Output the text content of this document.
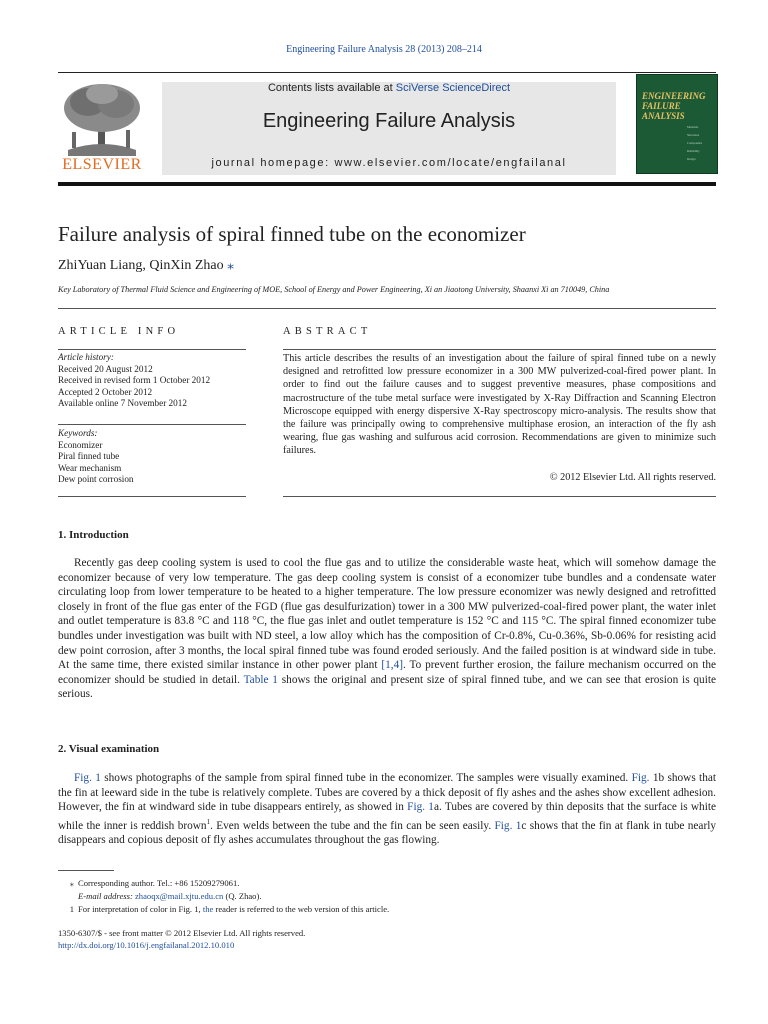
Engineering Failure Analysis 28 (2013) 208–214
ELSEVIER
Contents lists available at SciVerse ScienceDirect
Engineering Failure Analysis
journal homepage: www.elsevier.com/locate/engfailanal
ENGINEERING
FAILURE
ANALYSIS
Materials
Structures
Components
Reliability
Design
Failure analysis of spiral finned tube on the economizer
ZhiYuan Liang, QinXin Zhao ⁎
Key Laboratory of Thermal Fluid Science and Engineering of MOE, School of Energy and Power Engineering, Xi an Jiaotong University, Shaanxi Xi an 710049, China
ARTICLE INFO	ABSTRACT
Article history:
Received 20 August 2012
Received in revised form 1 October 2012
Accepted 2 October 2012
Available online 7 November 2012
Keywords:
Economizer
Piral finned tube
Wear mechanism
Dew point corrosion
This article describes the results of an investigation about the failure of spiral finned tube on a newly designed and retrofitted low pressure economizer in a 300 MW pulverized-coal-fired power plant. In order to find out the failure causes and to suggest preventive measures, phase compositions and macrostructure of the tube metal surface were investigated by X-Ray Diffraction and Scanning Electron Microscope equipped with energy dispersive X-Ray spectroscopy micro-analysis. The results show that the failure was principally owing to comprehensive multiphase erosion, an interaction of the fly ash wearing, flue gas washing and sulfurous acid corrosion. Recommendations are given to minimize such failures.
© 2012 Elsevier Ltd. All rights reserved.
1. Introduction
Recently gas deep cooling system is used to cool the flue gas and to utilize the considerable waste heat, which will somehow damage the economizer because of very low temperature. The gas deep cooling system is consist of a economizer tube bundles and a condensate water circulating loop from lower temperature to be heated to a higher temperature. The low pressure economizer was newly designed and retrofitted closely in front of the flue gas enter of the FGD (flue gas desulfurization) tower in a 300 MW pulverized-coal-fired power plant, the water inlet and outlet temperature is 83.8 °C and 118 °C, the flue gas inlet and outlet temperature is 152 °C and 115 °C. The spiral finned economizer tube bundles under investigation was built with ND steel, a low alloy which has the composition of Cr-0.8%, Cu-0.36%, Sb-0.06% for resisting acid dew point corrosion, after 3 months, the local spiral finned tube was found eroded seriously. And the failed position is at windward side in tube. At the same time, there existed similar instance in other power plant [1,4]. To prevent further erosion, the failure mechanism occurred on the economizer should be studied in detail. Table 1 shows the original and present size of spiral finned tube, and we can see that erosion is quite serious.
2. Visual examination
Fig. 1 shows photographs of the sample from spiral finned tube in the economizer. The samples were visually examined. Fig. 1b shows that the fin at leeward side in the tube is relatively complete. Tubes are covered by a thick deposit of fly ashes and the ashes show excellent adhesion. However, the fin at windward side in tube disappears entirely, as showed in Fig. 1a. Tubes are covered by thin deposits that the surface is white while the inner is reddish brown$^1$. Even welds between the tube and the fin can be seen easily. Fig. 1c shows that the fin at flank in tube nearly disappears and copious deposit of fly ashes accumulates throughout the gas flowing.
⁎ Corresponding author. Tel.: +86 15209279061.
E-mail address: zhaoqx@mail.xjtu.edu.cn (Q. Zhao).
1 For interpretation of color in Fig. 1, the reader is referred to the web version of this article.
1350-6307/$ - see front matter © 2012 Elsevier Ltd. All rights reserved.
http://dx.doi.org/10.1016/j.engfailanal.2012.10.010
